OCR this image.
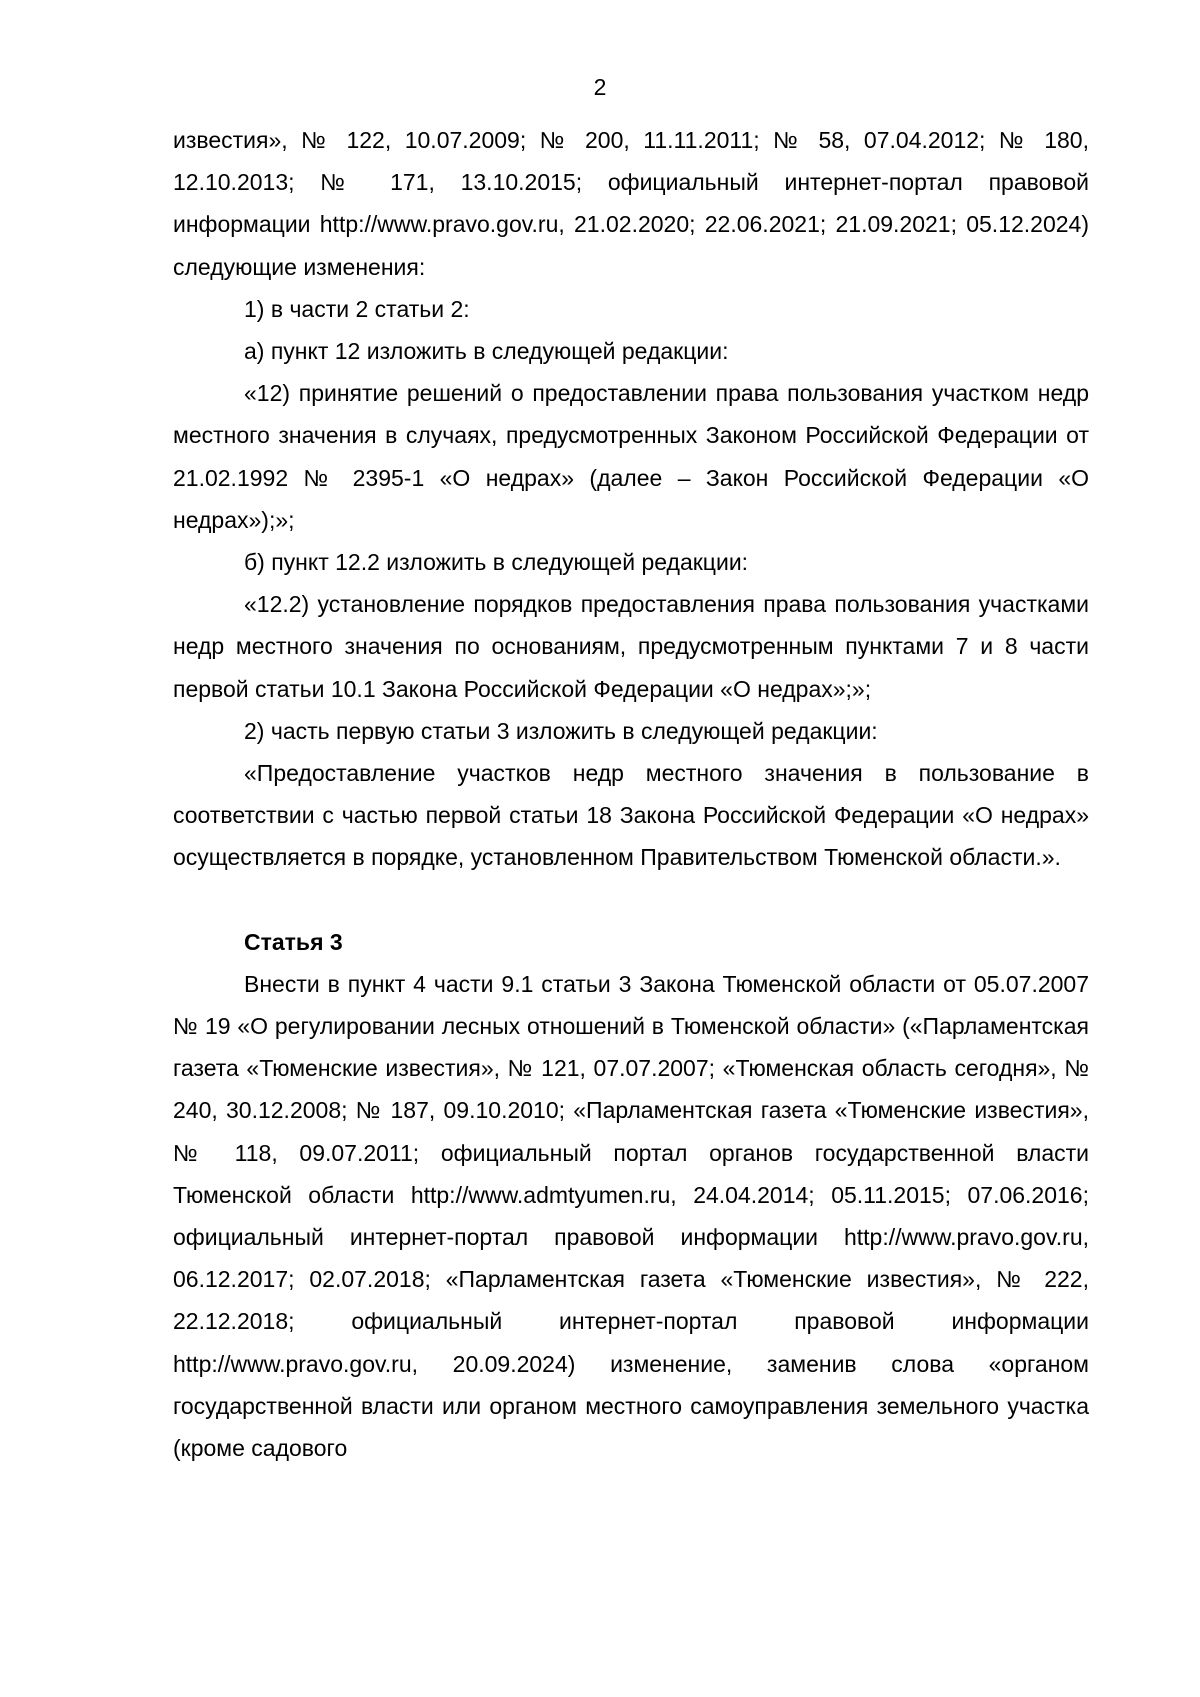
2

известия», № 122, 10.07.2009; № 200, 11.11.2011; № 58, 07.04.2012; № 180, 12.10.2013; № 171, 13.10.2015; официальный интернет-портал правовой информации http://www.pravo.gov.ru, 21.02.2020; 22.06.2021; 21.09.2021; 05.12.2024) следующие изменения:

1) в части 2 статьи 2:

а) пункт 12 изложить в следующей редакции:

«12) принятие решений о предоставлении права пользования участком недр местного значения в случаях, предусмотренных Законом Российской Федерации от 21.02.1992 № 2395-1 «О недрах» (далее – Закон Российской Федерации «О недрах»);»;

б) пункт 12.2 изложить в следующей редакции:

«12.2) установление порядков предоставления права пользования участками недр местного значения по основаниям, предусмотренным пунктами 7 и 8 части первой статьи 10.1 Закона Российской Федерации «О недрах»;»;

2) часть первую статьи 3 изложить в следующей редакции:

«Предоставление участков недр местного значения в пользование в соответствии с частью первой статьи 18 Закона Российской Федерации «О недрах» осуществляется в порядке, установленном Правительством Тюменской области.».

Статья 3

Внести в пункт 4 части 9.1 статьи 3 Закона Тюменской области от 05.07.2007 № 19 «О регулировании лесных отношений в Тюменской области» («Парламентская газета «Тюменские известия», № 121, 07.07.2007; «Тюменская область сегодня», № 240, 30.12.2008; № 187, 09.10.2010; «Парламентская газета «Тюменские известия», № 118, 09.07.2011; официальный портал органов государственной власти Тюменской области http://www.admtyumen.ru, 24.04.2014; 05.11.2015; 07.06.2016; официальный интернет-портал правовой информации http://www.pravo.gov.ru, 06.12.2017; 02.07.2018; «Парламентская газета «Тюменские известия», № 222, 22.12.2018; официальный интернет-портал правовой информации http://www.pravo.gov.ru, 20.09.2024) изменение, заменив слова «органом государственной власти или органом местного самоуправления земельного участка (кроме садового
